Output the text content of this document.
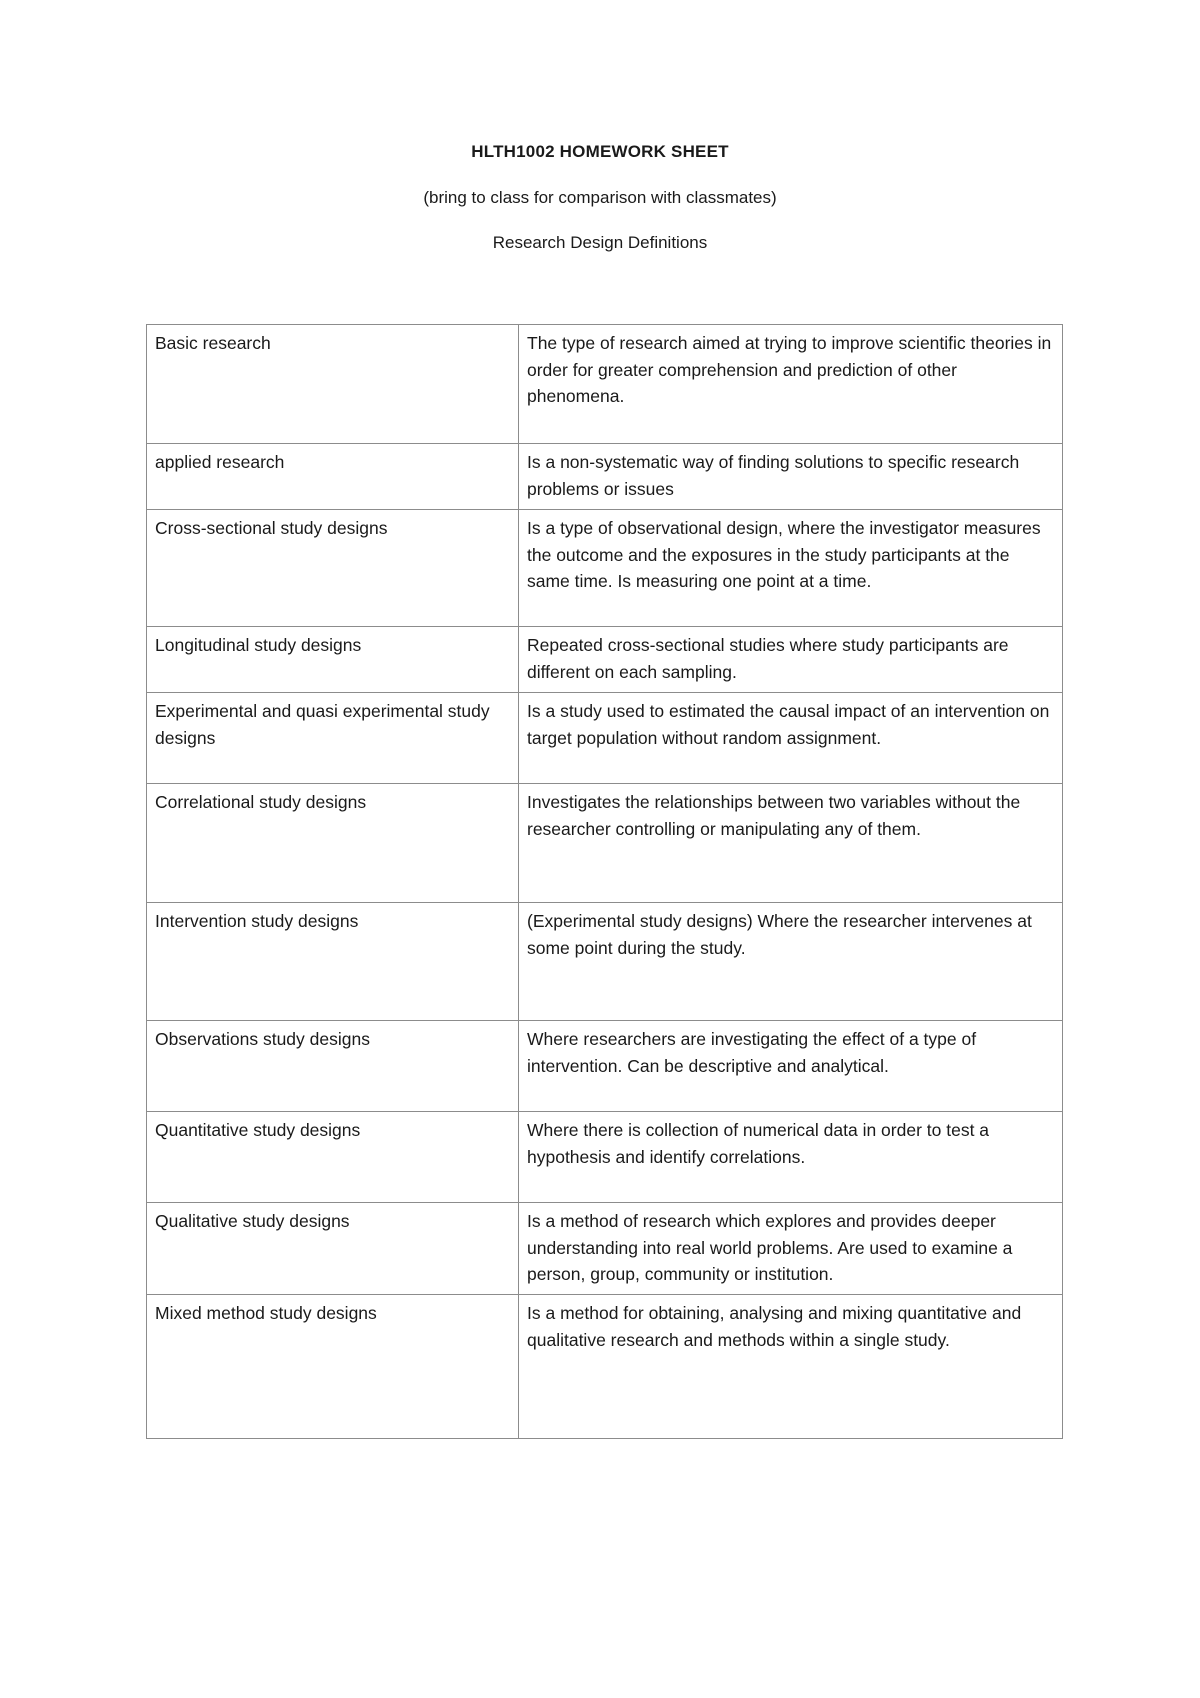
HLTH1002 HOMEWORK SHEET

(bring to class for comparison with classmates)

Research Design Definitions

Basic research	The type of research aimed at trying to improve scientific theories in order for greater comprehension and prediction of other phenomena.
applied research	Is a non-systematic way of finding solutions to specific research problems or issues
Cross-sectional study designs	Is a type of observational design, where the investigator measures the outcome and the exposures in the study participants at the same time. Is measuring one point at a time.
Longitudinal study designs	Repeated cross-sectional studies where study participants are different on each sampling.
Experimental and quasi experimental study designs	Is a study used to estimated the causal impact of an intervention on target population without random assignment.
Correlational study designs	Investigates the relationships between two variables without the researcher controlling or manipulating any of them.
Intervention study designs	(Experimental study designs) Where the researcher intervenes at some point during the study.
Observations study designs	Where researchers are investigating the effect of a type of intervention. Can be descriptive and analytical.
Quantitative study designs	Where there is collection of numerical data in order to test a hypothesis and identify correlations.
Qualitative study designs	Is a method of research which explores and provides deeper understanding into real world problems. Are used to examine a person, group, community or institution.
Mixed method study designs	Is a method for obtaining, analysing and mixing quantitative and qualitative research and methods within a single study.
